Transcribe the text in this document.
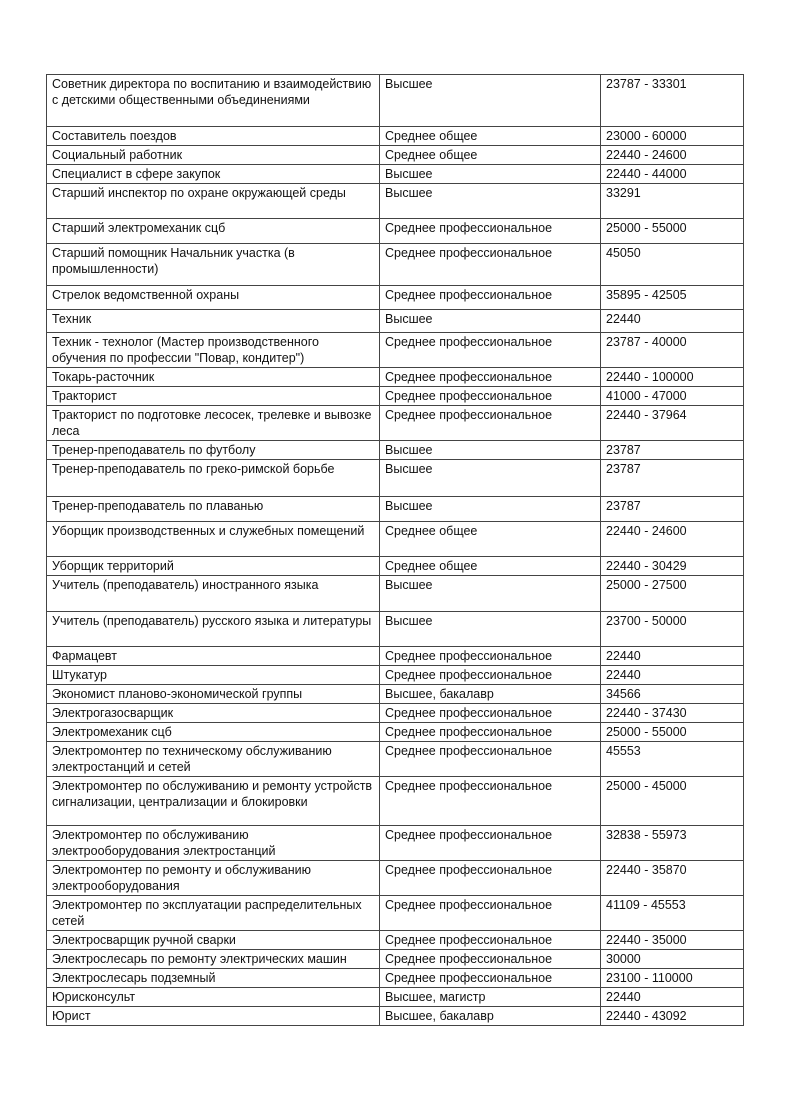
Советник директора по воспитанию и взаимодействию с детскими общественными объединениями	Высшее	23787 - 33301
Составитель поездов	Среднее общее	23000 - 60000
Социальный работник	Среднее общее	22440 - 24600
Специалист в сфере закупок	Высшее	22440 - 44000
Старший инспектор по охране окружающей среды	Высшее	33291
Старший электромеханик сцб	Среднее профессиональное	25000 - 55000
Старший помощник Начальник участка (в промышленности)	Среднее профессиональное	45050
Стрелок ведомственной охраны	Среднее профессиональное	35895 - 42505
Техник	Высшее	22440
Техник - технолог (Мастер производственного обучения по профессии "Повар, кондитер")	Среднее профессиональное	23787 - 40000
Токарь-расточник	Среднее профессиональное	22440 - 100000
Тракторист	Среднее профессиональное	41000 - 47000
Тракторист по подготовке лесосек, трелевке и вывозке леса	Среднее профессиональное	22440 - 37964
Тренер-преподаватель по футболу	Высшее	23787
Тренер-преподаватель по греко-римской борьбе	Высшее	23787
Тренер-преподаватель по плаванью	Высшее	23787
Уборщик производственных и служебных помещений	Среднее общее	22440 - 24600
Уборщик территорий	Среднее общее	22440 - 30429
Учитель (преподаватель) иностранного языка	Высшее	25000 - 27500
Учитель (преподаватель) русского языка и литературы	Высшее	23700 - 50000
Фармацевт	Среднее профессиональное	22440
Штукатур	Среднее профессиональное	22440
Экономист планово-экономической группы	Высшее, бакалавр	34566
Электрогазосварщик	Среднее профессиональное	22440 - 37430
Электромеханик сцб	Среднее профессиональное	25000 - 55000
Электромонтер по техническому обслуживанию электростанций и сетей	Среднее профессиональное	45553
Электромонтер по обслуживанию и ремонту устройств сигнализации, централизации и блокировки	Среднее профессиональное	25000 - 45000
Электромонтер по обслуживанию электрооборудования электростанций	Среднее профессиональное	32838 - 55973
Электромонтер по ремонту и обслуживанию электрооборудования	Среднее профессиональное	22440 - 35870
Электромонтер по эксплуатации распределительных сетей	Среднее профессиональное	41109 - 45553
Электросварщик ручной сварки	Среднее профессиональное	22440 - 35000
Электрослесарь по ремонту электрических машин	Среднее профессиональное	30000
Электрослесарь подземный	Среднее профессиональное	23100 - 110000
Юрисконсульт	Высшее, магистр	22440
Юрист	Высшее, бакалавр	22440 - 43092
